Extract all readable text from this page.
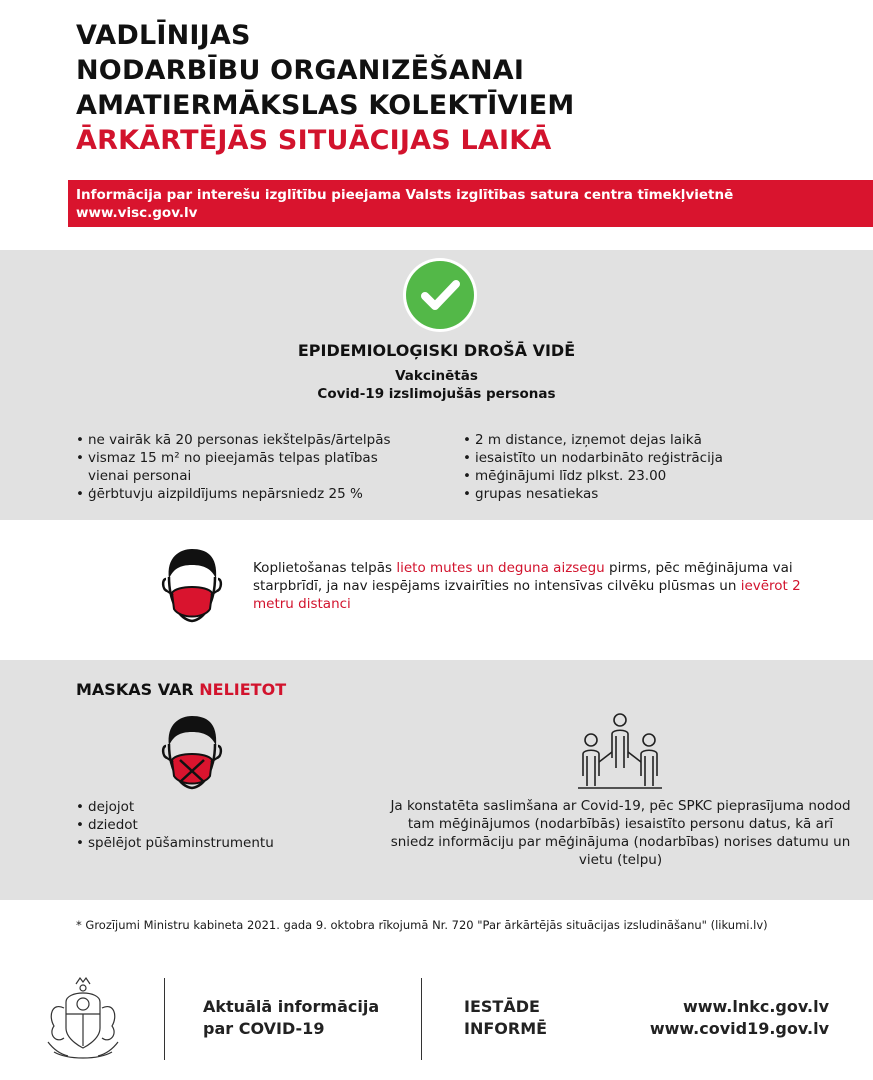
VADLĪNIJAS
NODARBĪBU ORGANIZĒŠANAI
AMATIERMĀKSLAS KOLEKTĪVIEM
ĀRKĀRTĒJĀS SITUĀCIJAS LAIKĀ
Informācija par interešu izglītību pieejama Valsts izglītības satura centra tīmekļvietnē
www.visc.gov.lv
EPIDEMIOLOĢISKI DROŠĀ VIDĒ
Vakcinētās
Covid-19 izslimojušās personas
• ne vairāk kā 20 personas iekštelpās/ārtelpās
• vismaz 15 m² no pieejamās telpas platības vienai personai
• ģērbtuvju aizpildījums nepārsniedz 25 %
• 2 m distance, izņemot dejas laikā
• iesaistīto un nodarbināto reģistrācija
• mēģinājumi līdz plkst. 23.00
• grupas nesatiekas
Koplietošanas telpās lieto mutes un deguna aizsegu pirms, pēc mēģinājuma vai starpbrīdī, ja nav iespējams izvairīties no intensīvas cilvēku plūsmas un ievērot 2 metru distanci
MASKAS VAR NELIETOT
• dejojot
• dziedot
• spēlējot pūšaminstrumentu
Ja konstatēta saslimšana ar Covid-19, pēc SPKC pieprasījuma nodod tam mēģinājumos (nodarbībās) iesaistīto personu datus, kā arī sniedz informāciju par mēģinājuma (nodarbības) norises datumu un vietu (telpu)
* Grozījumi Ministru kabineta 2021. gada 9. oktobra rīkojumā Nr. 720 "Par ārkārtējās situācijas izsludināšanu" (likumi.lv)
Aktuālā informācija
par COVID-19
IESTĀDE
INFORMĒ
www.lnkc.gov.lv
www.covid19.gov.lv
